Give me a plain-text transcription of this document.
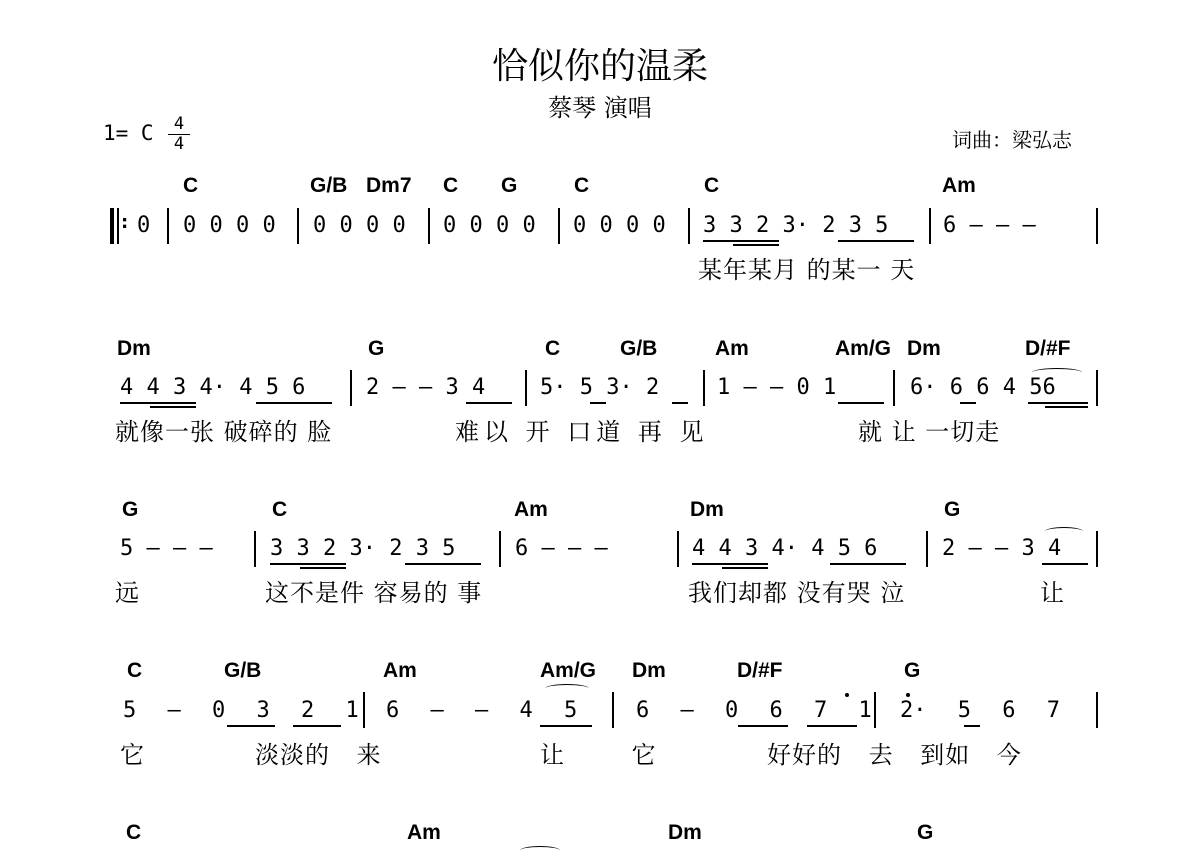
恰似你的温柔
蔡琴 演唱
1= C	4
4	词曲：梁弘志
C	G/B Dm7 C G	C	C	Am
: 0 0 0 0 0 0 0 0 0 0 0 0 0 0 0 0 0 3 3 2 3· 2 3 5 6 – – –
某年某月 的某一 天
Dm	G	C	G/B	Am	Am/G Dm	D/#F
4 4 3 4· 4 5 6	2 – – 3 4 5· 5 3· 2	1 – – 0 1	6· 6 6 4 56
就像一张 破碎的 脸	难以 开 口道 再 见	就 让 一切走
G	C	Am	Dm	G
5 – – –	3 3 2 3· 2 3 5	6 – – –	4 4 3 4· 4 5 6	2 – – 3 4
远	这不是件 容易的 事	我们却都 没有哭 泣	让
C	G/B	Am	Am/G Dm	D/#F	G
5 – 0 3 2 1 6 – – 4 5	6 – 0 6 7 1 2· 5 6 7
它	淡淡的 来	让 它	好好的 去 到如 今
C	Am	Dm	G
